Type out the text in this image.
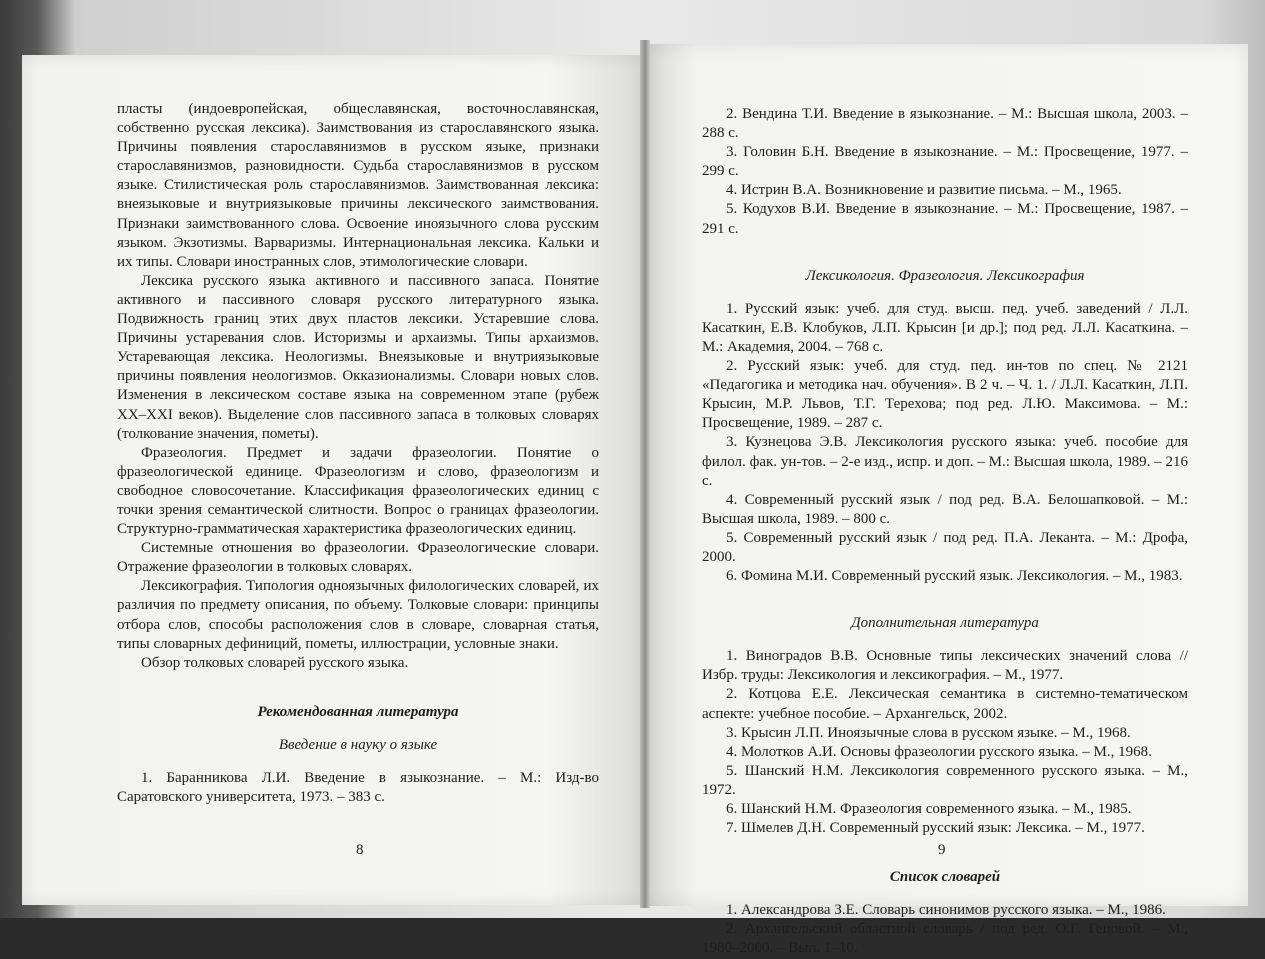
пласты (индоевропейская, общеславянская, восточнославянская, собственно русская лексика). Заимствования из старославянского языка. Причины появления старославянизмов в русском языке, признаки старославянизмов, разновидности. Судьба старославянизмов в русском языке. Стилистическая роль старославянизмов. Заимствованная лексика: внеязыковые и внутриязыковые причины лексического заимствования. Признаки заимствованного слова. Освоение иноязычного слова русским языком. Экзотизмы. Варваризмы. Интернациональная лексика. Кальки и их типы. Словари иностранных слов, этимологические словари.

Лексика русского языка активного и пассивного запаса. Понятие активного и пассивного словаря русского литературного языка. Подвижность границ этих двух пластов лексики. Устаревшие слова. Причины устаревания слов. Историзмы и архаизмы. Типы архаизмов. Устаревающая лексика. Неологизмы. Внеязыковые и внутриязыковые причины появления неологизмов. Окказионализмы. Словари новых слов. Изменения в лексическом составе языка на современном этапе (рубеж XX–XXI веков). Выделение слов пассивного запаса в толковых словарях (толкование значения, пометы).

Фразеология. Предмет и задачи фразеологии. Понятие о фразеологической единице. Фразеологизм и слово, фразеологизм и свободное словосочетание. Классификация фразеологических единиц с точки зрения семантической слитности. Вопрос о границах фразеологии. Структурно-грамматическая характеристика фразеологических единиц.

Системные отношения во фразеологии. Фразеологические словари. Отражение фразеологии в толковых словарях.

Лексикография. Типология одноязычных филологических словарей, их различия по предмету описания, по объему. Толковые словари: принципы отбора слов, способы расположения слов в словаре, словарная статья, типы словарных дефиниций, пометы, иллюстрации, условные знаки.

Обзор толковых словарей русского языка.

Рекомендованная литература

Введение в науку о языке

1. Баранникова Л.И. Введение в языкознание. – М.: Изд-во Саратовского университета, 1973. – 383 с.

8

2. Вендина Т.И. Введение в языкознание. – М.: Высшая школа, 2003. – 288 с.

3. Головин Б.Н. Введение в языкознание. – М.: Просвещение, 1977. – 299 с.

4. Истрин В.А. Возникновение и развитие письма. – М., 1965.

5. Кодухов В.И. Введение в языкознание. – М.: Просвещение, 1987. – 291 с.

Лексикология. Фразеология. Лексикография

1. Русский язык: учеб. для студ. высш. пед. учеб. заведений / Л.Л. Касаткин, Е.В. Клобуков, Л.П. Крысин [и др.]; под ред. Л.Л. Касаткина. – М.: Академия, 2004. – 768 с.

2. Русский язык: учеб. для студ. пед. ин-тов по спец. № 2121 «Педагогика и методика нач. обучения». В 2 ч. – Ч. 1. / Л.Л. Касаткин, Л.П. Крысин, М.Р. Львов, Т.Г. Терехова; под ред. Л.Ю. Максимова. – М.: Просвещение, 1989. – 287 с.

3. Кузнецова Э.В. Лексикология русского языка: учеб. пособие для филол. фак. ун-тов. – 2-е изд., испр. и доп. – М.: Высшая школа, 1989. – 216 с.

4. Современный русский язык / под ред. В.А. Белошапковой. – М.: Высшая школа, 1989. – 800 с.

5. Современный русский язык / под ред. П.А. Леканта. – М.: Дрофа, 2000.

6. Фомина М.И. Современный русский язык. Лексикология. – М., 1983.

Дополнительная литература

1. Виноградов В.В. Основные типы лексических значений слова // Избр. труды: Лексикология и лексикография. – М., 1977.

2. Котцова Е.Е. Лексическая семантика в системно-тематическом аспекте: учебное пособие. – Архангельск, 2002.

3. Крысин Л.П. Иноязычные слова в русском языке. – М., 1968.

4. Молотков А.И. Основы фразеологии русского языка. – М., 1968.

5. Шанский Н.М. Лексикология современного русского языка. – М., 1972.

6. Шанский Н.М. Фразеология современного языка. – М., 1985.

7. Шмелев Д.Н. Современный русский язык: Лексика. – М., 1977.

Список словарей

1. Александрова З.Е. Словарь синонимов русского языка. – М., 1986.

2. Архангельский областной словарь / под ред. О.Г. Гецовой. – М., 1980–2000. – Вып. 1–10.

9
